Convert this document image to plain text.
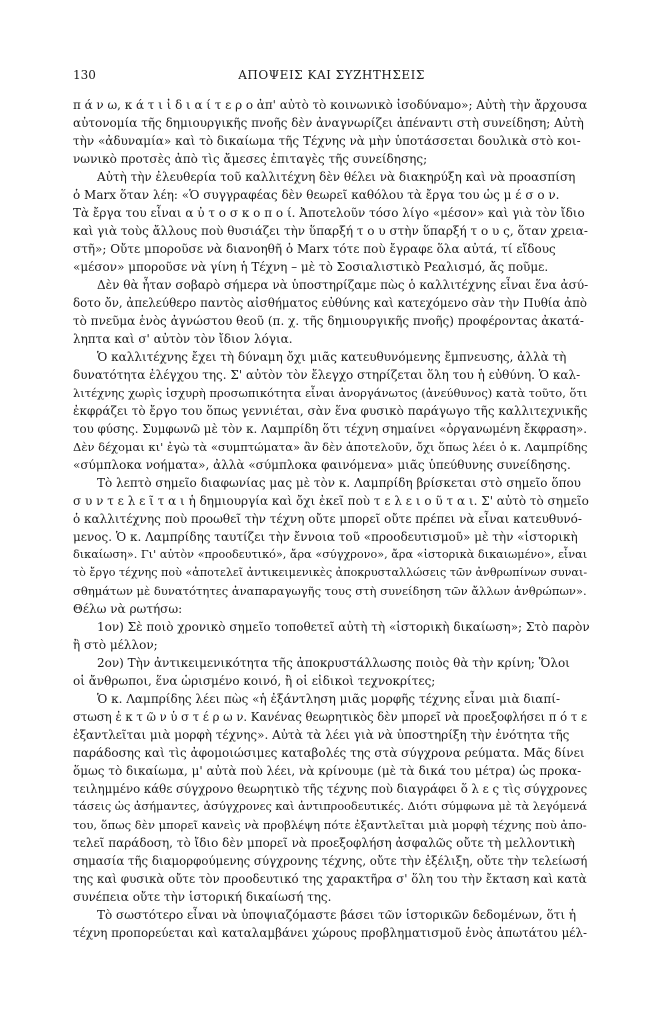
130	ΑΠΟΨΕΙΣ ΚΑΙ ΣΥΖΗΤΗΣΕΙΣ
π ά ν ω, κ ά τ ι ἰ δ ι α ί τ ε ρ ο ἀπ' αὐτὸ τὸ κοινωνικὸ ἰσοδύναμο»; Αὐτὴ τὴν ἄρχουσα
αὐτονομία τῆς δημιουργικῆς πνοῆς δὲν ἀναγνωρίζει ἀπέναντι στὴ συνείδηση; Αὐτὴ
τὴν «ἀδυναμία» καὶ τὸ δικαίωμα τῆς Τέχνης νὰ μὴν ὑποτάσσεται δουλικὰ στὸ κοι-
νωνικὸ προτσὲς ἀπὸ τὶς ἄμεσες ἐπιταγὲς τῆς συνείδησης;
Αὐτὴ τὴν ἐλευθερία τοῦ καλλιτέχνη δὲν θέλει νὰ διακηρύξη καὶ νὰ προασπίση
ὁ Marx ὅταν λέη: «Ὁ συγγραφέας δὲν θεωρεῖ καθόλου τὰ ἔργα του ὡς μ έ σ ο ν.
Τὰ ἔργα του εἶναι α ὐ τ ο σ κ ο π ο ί. Ἀποτελοῦν τόσο λίγο «μέσον» καὶ γιὰ τὸν ἴδιο
καὶ γιὰ τοὺς ἄλλους ποὺ θυσιάζει τὴν ὕπαρξή τ ο υ στὴν ὕπαρξή τ ο υ ς, ὅταν χρεια-
στῆ»; Οὔτε μποροῦσε νὰ διανοηθῆ ὁ Marx τότε ποὺ ἔγραφε ὅλα αὐτά, τί εἴδους
«μέσον» μποροῦσε νὰ γίνη ἡ Τέχνη – μὲ τὸ Σοσιαλιστικὸ Ρεαλισμό, ἄς ποῦμε.
Δὲν θὰ ἦταν σοβαρὸ σήμερα νὰ ὑποστηρίζαμε πὼς ὁ καλλιτέχνης εἶναι ἕνα ἀσύ-
δοτο ὄν, ἀπελεύθερο παντὸς αἰσθήματος εὐθύνης καὶ κατεχόμενο σὰν τὴν Πυθία ἀπὸ
τὸ πνεῦμα ἑνὸς ἀγνώστου θεοῦ (π. χ. τῆς δημιουργικῆς πνοῆς) προφέροντας ἀκατά-
ληπτα καὶ σ' αὐτὸν τὸν ἴδιον λόγια.
Ὁ καλλιτέχνης ἔχει τὴ δύναμη ὄχι μιᾶς κατευθυνόμενης ἔμπνευσης, ἀλλὰ τὴ
δυνατότητα ἐλέγχου της. Σ' αὐτὸν τὸν ἔλεγχο στηρίζεται ὅλη του ἡ εὐθύνη. Ὁ καλ-
λιτέχνης χωρὶς ἰσχυρὴ προσωπικότητα εἶναι ἀνοργάνωτος (ἀνεύθυνος) κατὰ τοῦτο, ὅτι
ἐκφράζει τὸ ἔργο του ὅπως γεννιέται, σὰν ἕνα φυσικὸ παράγωγο τῆς καλλιτεχνικῆς
του φύσης. Συμφωνῶ μὲ τὸν κ. Λαμπρίδη ὅτι τέχνη σημαίνει «ὀργανωμένη ἔκφραση».
Δὲν δέχομαι κι' ἐγὼ τὰ «συμπτώματα» ἂν δὲν ἀποτελοῦν, ὄχι ὅπως λέει ὁ κ. Λαμπρίδης
«σύμπλοκα νοήματα», ἀλλὰ «σύμπλοκα φαινόμενα» μιᾶς ὑπεύθυνης συνείδησης.
Τὸ λεπτὸ σημεῖο διαφωνίας μας μὲ τὸν κ. Λαμπρίδη βρίσκεται στὸ σημεῖο ὅπου
σ υ ν τ ε λ ε ῖ τ α ι ἡ δημιουργία καὶ ὄχι ἐκεῖ ποὺ τ ε λ ε ι ο ῦ τ α ι. Σ' αὐτὸ τὸ σημεῖο
ὁ καλλιτέχνης ποὺ προωθεῖ τὴν τέχνη οὔτε μπορεῖ οὔτε πρέπει νὰ εἶναι κατευθυνό-
μενος. Ὁ κ. Λαμπρίδης ταυτίζει τὴν ἔννοια τοῦ «προοδευτισμοῦ» μὲ τὴν «ἱστορικὴ
δικαίωση». Γι' αὐτὸν «προοδευτικό», ἄρα «σύγχρονο», ἄρα «ἱστορικὰ δικαιωμένο», εἶναι
τὸ ἔργο τέχνης ποὺ «ἀποτελεῖ ἀντικειμενικὲς ἀποκρυσταλλώσεις τῶν ἀνθρωπίνων συναι-
σθημάτων μὲ δυνατότητες ἀναπαραγωγῆς τους στὴ συνείδηση τῶν ἄλλων ἀνθρώπων».
Θέλω νὰ ρωτήσω:
1ον) Σὲ ποιὸ χρονικὸ σημεῖο τοποθετεῖ αὐτὴ τὴ «ἱστορικὴ δικαίωση»; Στὸ παρὸν
ἢ στὸ μέλλον;
2ον) Τὴν ἀντικειμενικότητα τῆς ἀποκρυστάλλωσης ποιὸς θὰ τὴν κρίνη; Ὅλοι
οἱ ἄνθρωποι, ἕνα ὡρισμένο κοινό, ἢ οἱ εἰδικοὶ τεχνοκρίτες;
Ὁ κ. Λαμπρίδης λέει πὼς «ἡ ἐξάντληση μιᾶς μορφῆς τέχνης εἶναι μιὰ διαπί-
στωση ἐ κ τ ῶ ν ὑ σ τ έ ρ ω ν. Κανένας θεωρητικὸς δὲν μπορεῖ νὰ προεξοφλήσει π ό τ ε
ἐξαντλεῖται μιὰ μορφὴ τέχνης». Αὐτὰ τὰ λέει γιὰ νὰ ὑποστηρίξη τὴν ἑνότητα τῆς
παράδοσης καὶ τὶς ἀφομοιώσιμες καταβολές της στὰ σύγχρονα ρεύματα. Μᾶς δίνει
ὅμως τὸ δικαίωμα, μ' αὐτὰ ποὺ λέει, νὰ κρίνουμε (μὲ τὰ δικά του μέτρα) ὡς προκα-
τειλημμένο κάθε σύγχρονο θεωρητικὸ τῆς τέχνης ποὺ διαγράφει ὅ λ ε ς τὶς σύγχρονες
τάσεις ὡς ἀσήμαντες, ἀσύγχρονες καὶ ἀντιπροοδευτικές. Διότι σύμφωνα μὲ τὰ λεγόμενά
του, ὅπως δὲν μπορεῖ κανεὶς νὰ προβλέψη πότε ἐξαντλεῖται μιὰ μορφὴ τέχνης ποὺ ἀπο-
τελεῖ παράδοση, τὸ ἴδιο δὲν μπορεῖ νὰ προεξοφλήση ἀσφαλῶς οὔτε τὴ μελλοντικὴ
σημασία τῆς διαμορφούμενης σύγχρονης τέχνης, οὔτε τὴν ἐξέλιξη, οὔτε τὴν τελείωσή
της καὶ φυσικὰ οὔτε τὸν προοδευτικό της χαρακτῆρα σ' ὅλη του τὴν ἔκταση καὶ κατὰ
συνέπεια οὔτε τὴν ἱστορική δικαίωσή της.
Τὸ σωστότερο εἶναι νὰ ὑποψιαζόμαστε βάσει τῶν ἱστορικῶν δεδομένων, ὅτι ἡ
τέχνη προπορεύεται καὶ καταλαμβάνει χώρους προβληματισμοῦ ἑνὸς ἀπωτάτου μέλ-
